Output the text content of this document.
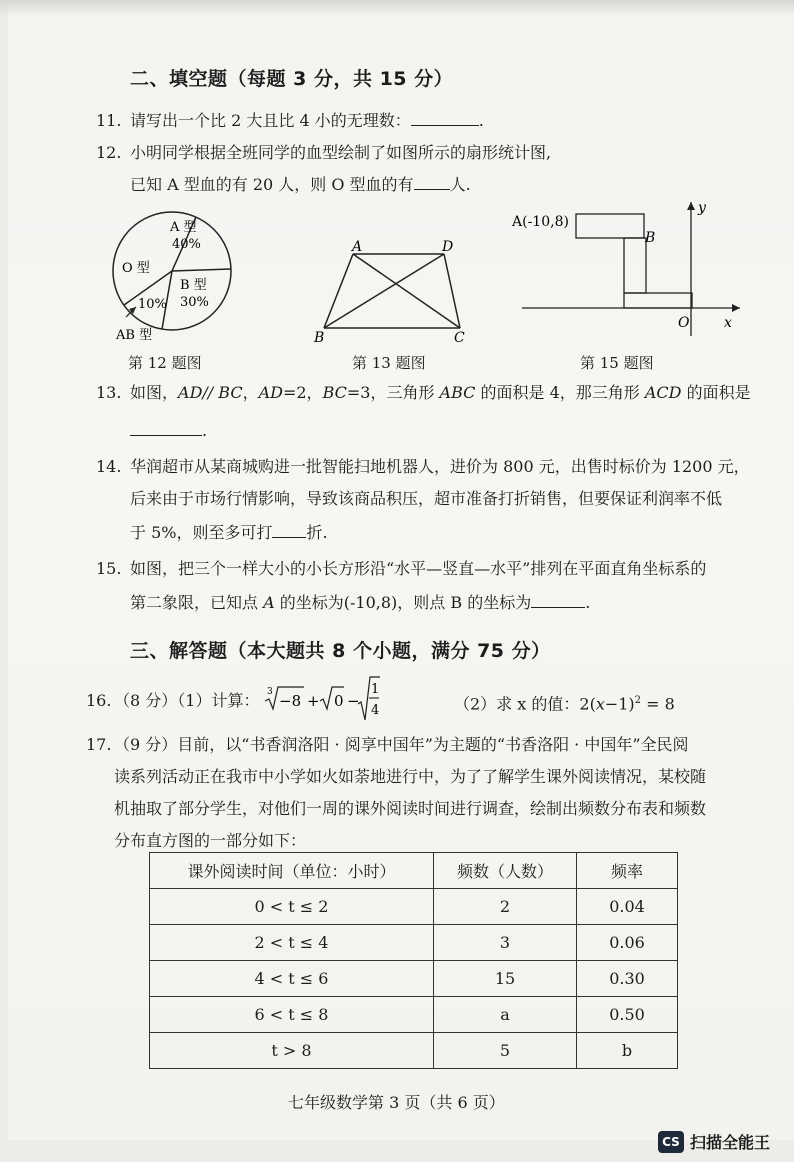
二、填空题（每题 3 分，共 15 分）
11. 请写出一个比 2 大且比 4 小的无理数：	.
12. 小明同学根据全班同学的血型绘制了如图所示的扇形统计图,
已知 A 型血的有 20 人，则 O 型血的有 人.
A 型
40%
B 型
30%
O 型
10%
AB 型
第 12 题图
A	D
B	C
第 13 题图
A(-10,8)
B
O x
y
第 15 题图
13. 如图，AD// BC，AD=2，BC=3，三角形 ABC 的面积是 4，那三角形 ACD 的面积是
.
14. 华润超市从某商城购进一批智能扫地机器人，进价为 800 元，出售时标价为 1200 元，
后来由于市场行情影响，导致该商品积压，超市准备打折销售，但要保证利润率不低
于 5%，则至多可打 折.
15. 如图，把三个一样大小的小长方形沿“水平—竖直—水平”排列在平面直角坐标系的
第二象限，已知点 A 的坐标为(-10,8)，则点 B 的坐标为	.
三、解答题（本大题共 8 个小题，满分 75 分）
16. （8 分）（1）计算： 3 −8 + 0 −
1
4	（2）求 x 的值：$2(x-1)^2 = 8$
17. （9 分）目前，以“书香润洛阳 · 阅享中国年”为主题的“书香洛阳 · 中国年”全民阅
读系列活动正在我市中小学如火如荼地进行中，为了了解学生课外阅读情况，某校随
机抽取了部分学生，对他们一周的课外阅读时间进行调查，绘制出频数分布表和频数
分布直方图的一部分如下：
课外阅读时间（单位：小时）	频数（人数）	频率
0 < t ≤ 2	2	0.04
2 < t ≤ 4	3	0.06
4 < t ≤ 6	15	0.30
6 < t ≤ 8	a	0.50
t > 8	5	b
七年级数学第 3 页（共 6 页）
CS 扫描全能王
